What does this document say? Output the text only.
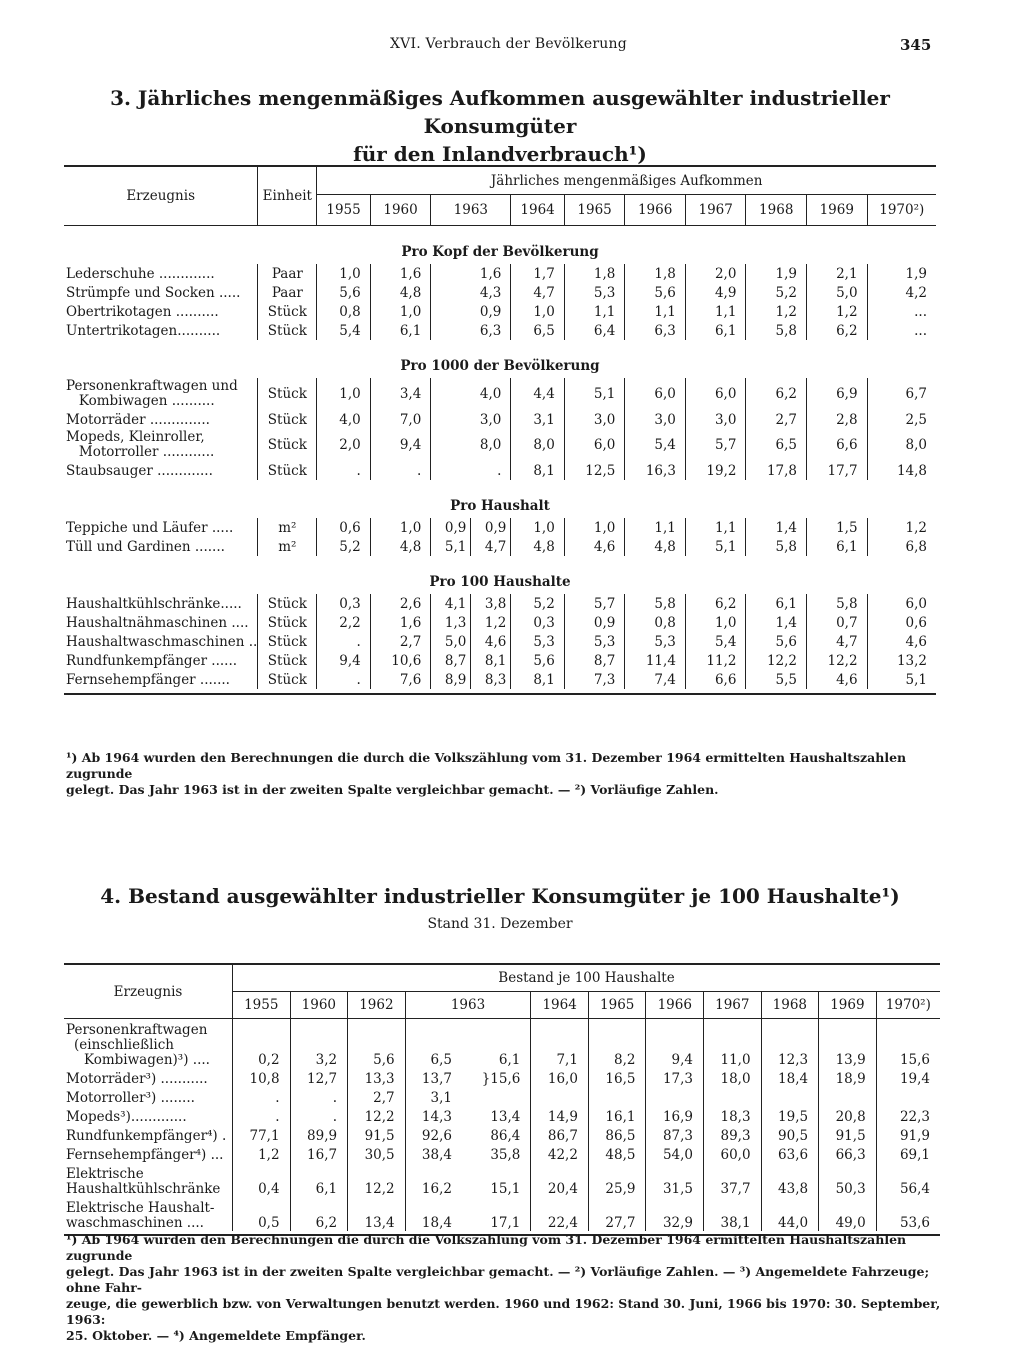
XVI. Verbrauch der Bevölkerung	345
3. Jährliches mengenmäßiges Aufkommen ausgewählter industrieller Konsumgüter
für den Inlandverbrauch¹)
Erzeugnis	Einheit	Jährliches mengenmäßiges Aufkommen										
		1955	1960	1963		1964	1965	1966	1967	1968	1969	1970²)
Pro Kopf der Bevölkerung												
Lederschuhe .............	Paar	1,0	1,6	1,6		1,7	1,8	1,8	2,0	1,9	2,1	1,9
Strümpfe und Socken .....	Paar	5,6	4,8	4,3		4,7	5,3	5,6	4,9	5,2	5,0	4,2
Obertrikotagen ..........	Stück	0,8	1,0	0,9		1,0	1,1	1,1	1,1	1,2	1,2	...
Untertrikotagen..........	Stück	5,4	6,1	6,3		6,5	6,4	6,3	6,1	5,8	6,2	...
Pro 1000 der Bevölkerung												

Personenkraftwagen und
Kombiwagen ..........	Stück	1,0	3,4	4,0		4,4	5,1	6,0	6,0	6,2	6,9	6,7
Motorräder ..............	Stück	4,0	7,0	3,0		3,1	3,0	3,0	3,0	2,7	2,8	2,5

Mopeds, Kleinroller,
Motorroller ............	Stück	2,0	9,4	8,0		8,0	6,0	5,4	5,7	6,5	6,6	8,0
Staubsauger .............	Stück	.	.	.		8,1	12,5	16,3	19,2	17,8	17,7	14,8
Pro Haushalt												
Teppiche und Läufer .....	m²	0,6	1,0	0,9	0,9	1,0	1,0	1,1	1,1	1,4	1,5	1,2
Tüll und Gardinen .......	m²	5,2	4,8	5,1	4,7	4,8	4,6	4,8	5,1	5,8	6,1	6,8
Pro 100 Haushalte												
Haushaltkühlschränke.....	Stück	0,3	2,6	4,1	3,8	5,2	5,7	5,8	6,2	6,1	5,8	6,0
Haushaltnähmaschinen ....	Stück	2,2	1,6	1,3	1,2	0,3	0,9	0,8	1,0	1,4	0,7	0,6
Haushaltwaschmaschinen ..	Stück	.	2,7	5,0	4,6	5,3	5,3	5,3	5,4	5,6	4,7	4,6
Rundfunkempfänger ......	Stück	9,4	10,6	8,7	8,1	5,6	8,7	11,4	11,2	12,2	12,2	13,2
Fernsehempfänger .......	Stück	.	7,6	8,9	8,3	8,1	7,3	7,4	6,6	5,5	4,6	5,1

¹) Ab 1964 wurden den Berechnungen die durch die Volkszählung vom 31. Dezember 1964 ermittelten Haushaltszahlen zugrunde
gelegt. Das Jahr 1963 ist in der zweiten Spalte vergleichbar gemacht. — ²) Vorläufige Zahlen.
4. Bestand ausgewählter industrieller Konsumgüter je 100 Haushalte¹)
Stand 31. Dezember
Erzeugnis	Bestand je 100 Haushalte											
	1955	1960	1962	1963		1964	1965	1966	1967	1968	1969	1970²)

Personenkraftwagen
(einschließlich
Kombiwagen)³) ....	0,2	3,2	5,6	6,5	6,1	7,1	8,2	9,4	11,0	12,3	13,9	15,6

Motorräder³) ...........	10,8	12,7	13,3	13,7	}15,6	16,0	16,5	17,3	18,0	18,4	18,9	19,4

Motorroller³) ........	.	.	2,7	3,1								

Mopeds³).............	.	.	12,2	14,3	13,4	14,9	16,1	16,9	18,3	19,5	20,8	22,3

Rundfunkempfänger⁴) .	77,1	89,9	91,5	92,6	86,4	86,7	86,5	87,3	89,3	90,5	91,5	91,9

Fernsehempfänger⁴) ...	1,2	16,7	30,5	38,4	35,8	42,2	48,5	54,0	60,0	63,6	66,3	69,1

Elektrische
Haushaltkühlschränke	0,4	6,1	12,2	16,2	15,1	20,4	25,9	31,5	37,7	43,8	50,3	56,4

Elektrische Haushalt-
waschmaschinen ....	0,5	6,2	13,4	18,4	17,1	22,4	27,7	32,9	38,1	44,0	49,0	53,6

¹) Ab 1964 wurden den Berechnungen die durch die Volkszählung vom 31. Dezember 1964 ermittelten Haushaltszahlen zugrunde
gelegt. Das Jahr 1963 ist in der zweiten Spalte vergleichbar gemacht. — ²) Vorläufige Zahlen. — ³) Angemeldete Fahrzeuge; ohne Fahr-
zeuge, die gewerblich bzw. von Verwaltungen benutzt werden. 1960 und 1962: Stand 30. Juni, 1966 bis 1970: 30. September, 1963:
25. Oktober. — ⁴) Angemeldete Empfänger.
